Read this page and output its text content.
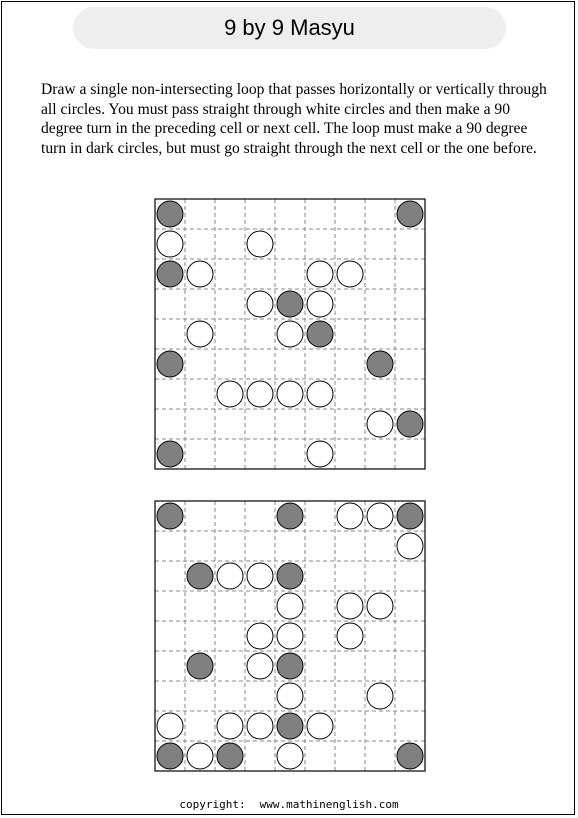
9 by 9 Masyu

Draw a single non-intersecting loop that passes horizontally or vertically through all circles. You must pass straight through white circles and then make a 90 degree turn in the preceding cell or next cell. The loop must make a 90 degree turn in dark circles, but must go straight through the next cell or the one before.

copyright: www.mathinenglish.com
